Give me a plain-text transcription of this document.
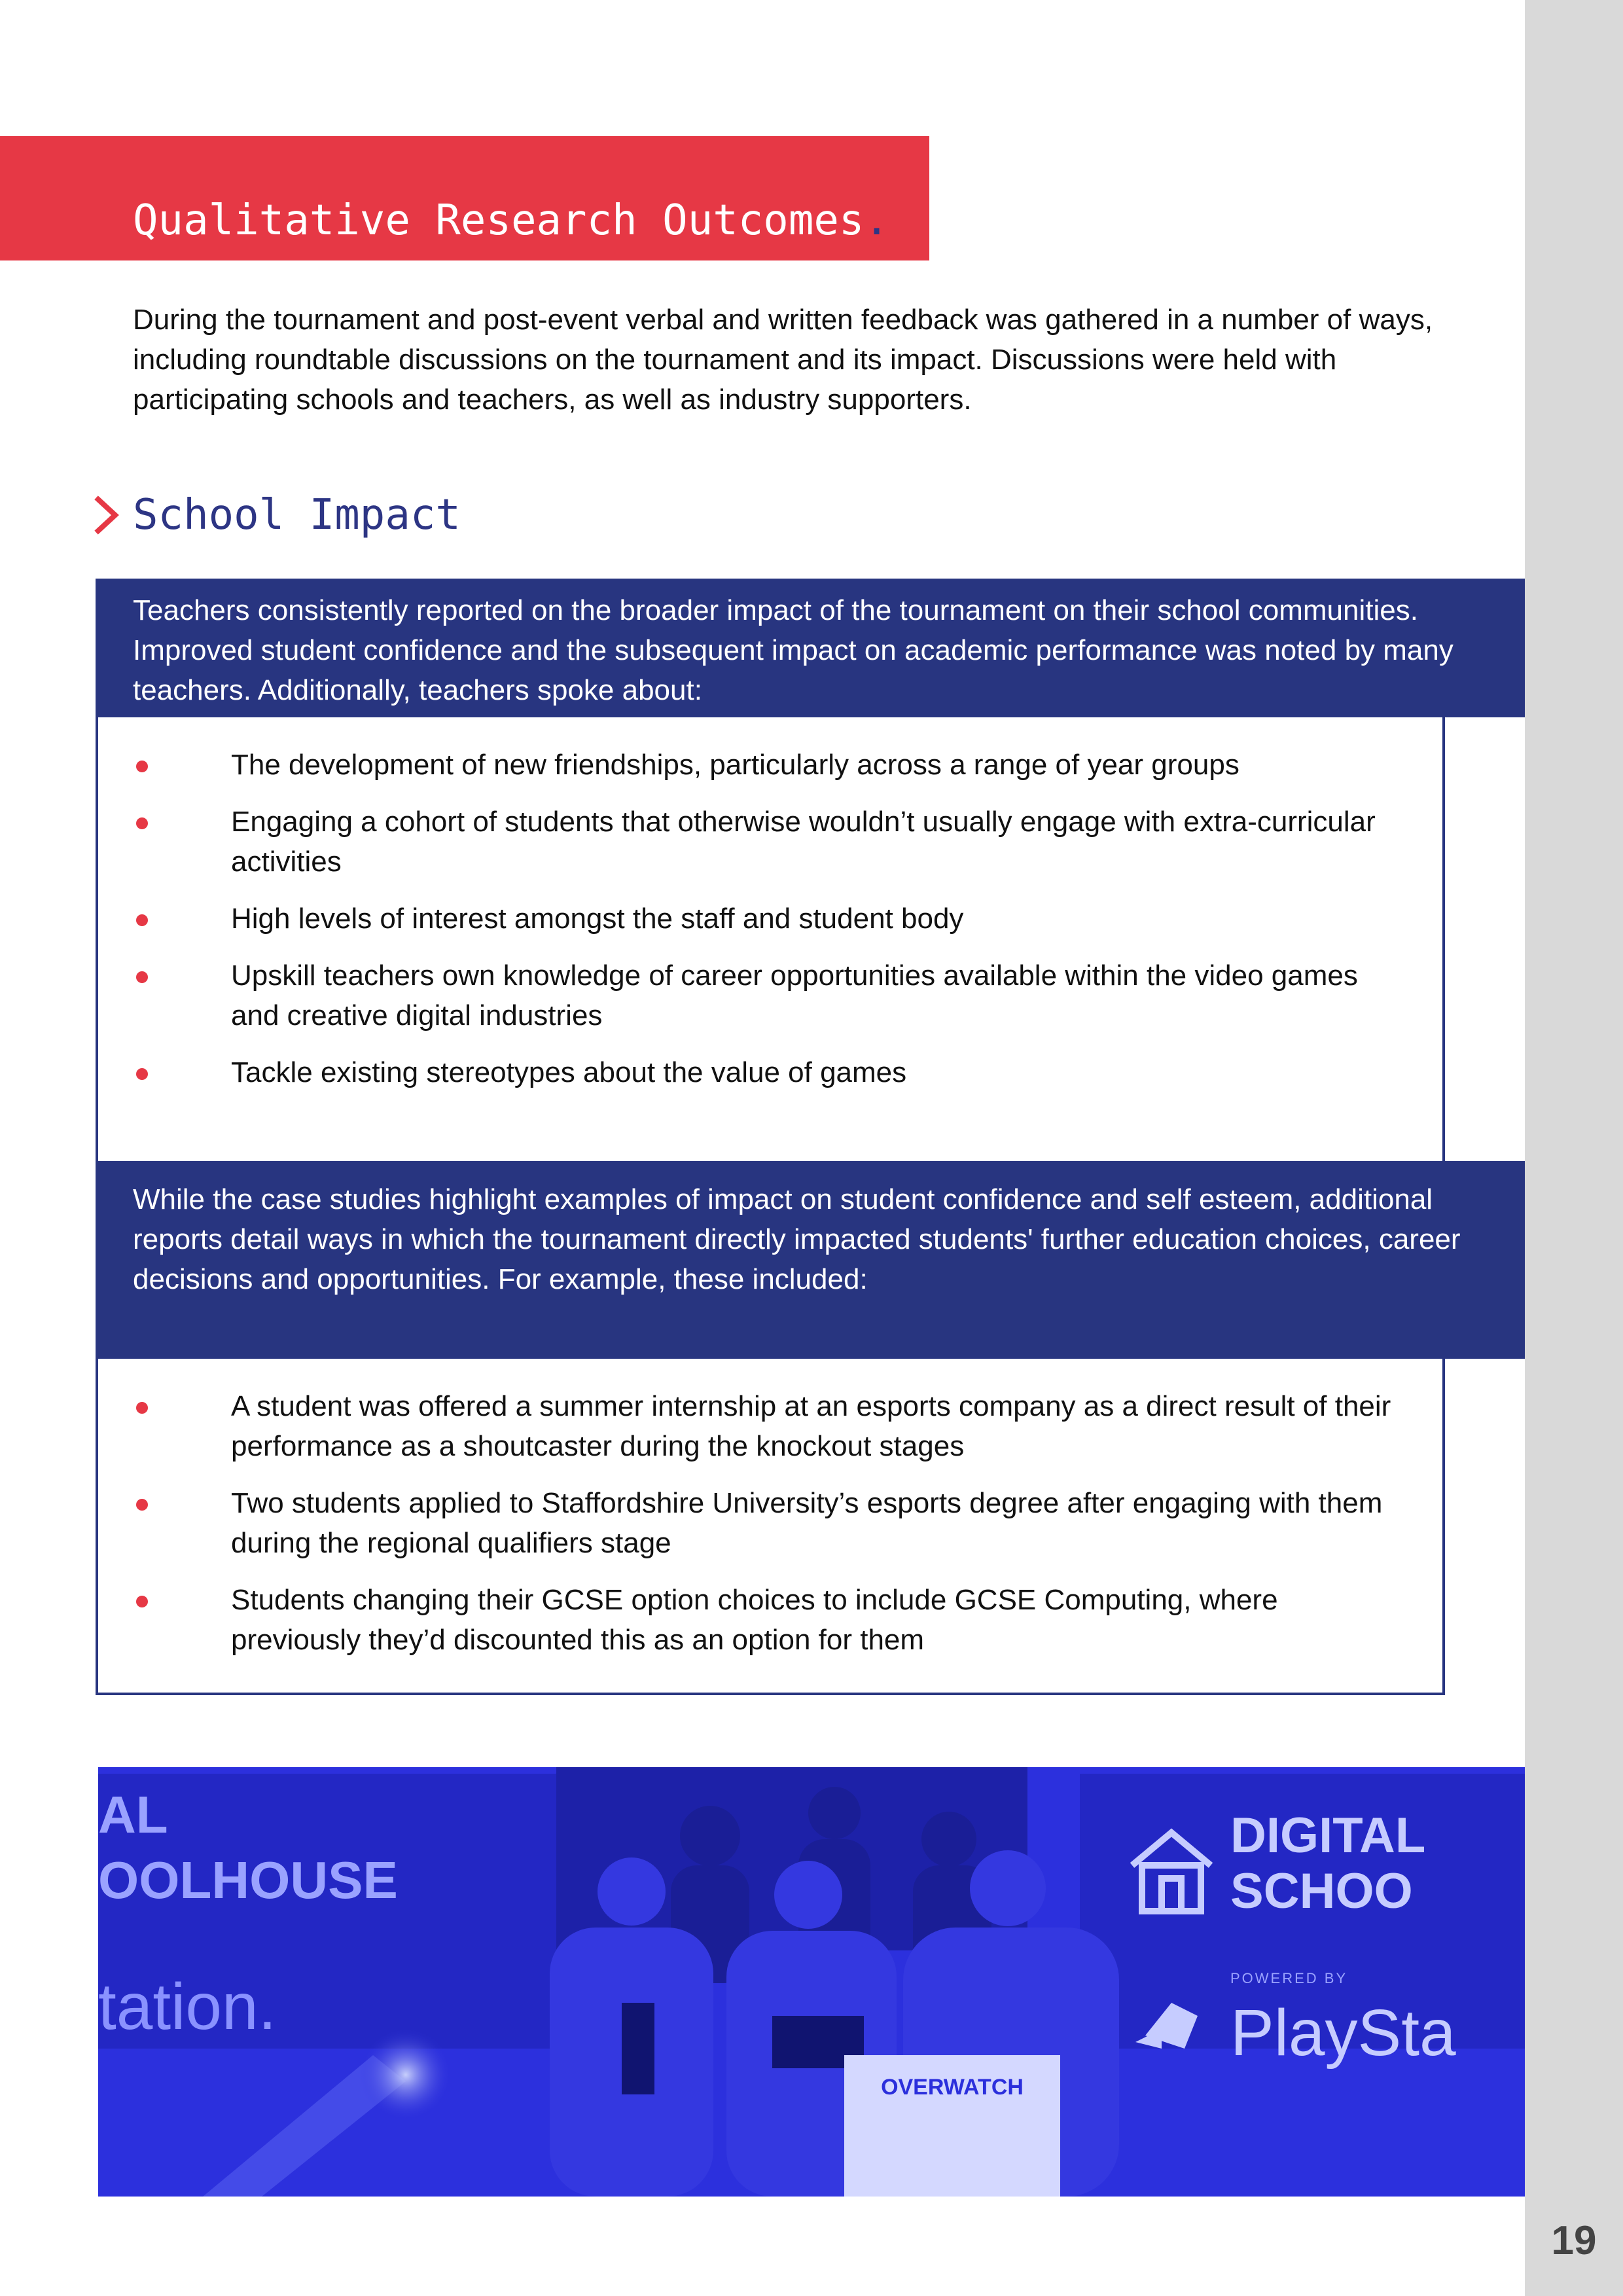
19
Qualitative Research Outcomes.

During the tournament and post-event verbal and written feedback was gathered in a number of ways, including roundtable discussions on the tournament and its impact. Discussions were held with participating schools and teachers, as well as industry supporters.

School Impact
Teachers consistently reported on the broader impact of the tournament on their school communities. Improved student confidence and the subsequent impact on academic performance was noted by many teachers. Additionally, teachers spoke about:
The development of new friendships, particularly across a range of year groups
Engaging a cohort of students that otherwise wouldn’t usually engage with extra-curricular activities
High levels of interest amongst the staff and student body
Upskill teachers own knowledge of career opportunities available within the video games and creative digital industries
Tackle existing stereotypes about the value of games
While the case studies highlight examples of impact on student confidence and self esteem, additional reports detail ways in which the tournament directly impacted students' further education choices, career decisions and opportunities. For example, these included:
A student was offered a summer internship at an esports company as a direct result of their performance as a shoutcaster during the knockout stages
Two students applied to Staffordshire University’s esports degree after engaging with them during the regional qualifiers stage
Students changing their GCSE option choices to include GCSE Computing, where previously they’d discounted this as an option for them
OVERWATCH
AL
OOLHOUSE
tation.
DIGITAL
SCHOO
POWERED BY
PlaySta
